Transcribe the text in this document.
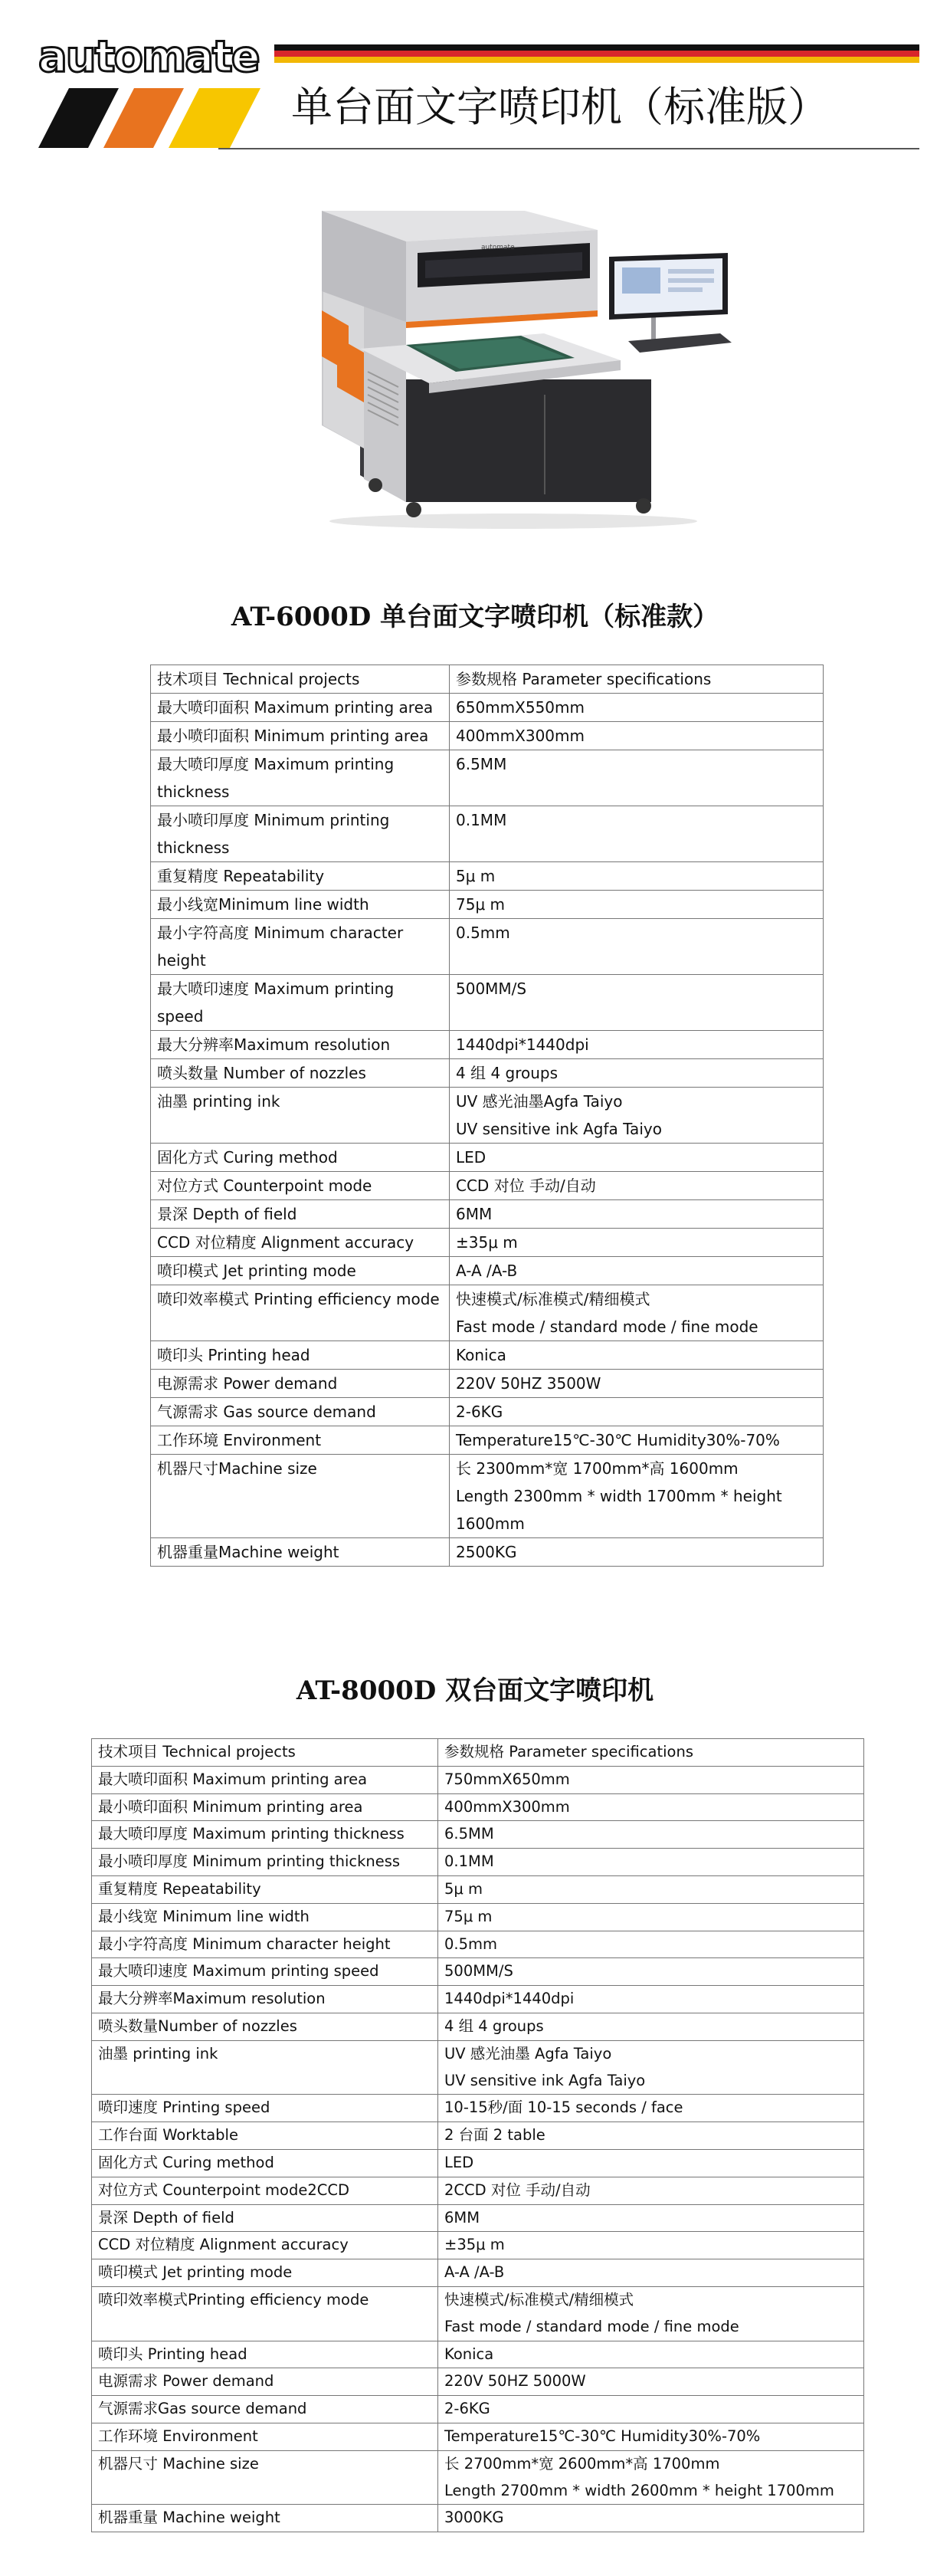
automate
单台面文字喷印机（标准版）
automate
AT-6000D 单台面文字喷印机（标准款）
技术项目 Technical projects	参数规格 Parameter specifications
最大喷印面积 Maximum printing area	650mmX550mm
最小喷印面积 Minimum printing area	400mmX300mm
最大喷印厚度 Maximum printing thickness	6.5MM
最小喷印厚度 Minimum printing thickness	0.1MM
重复精度 Repeatability	5μ m
最小线宽Minimum line width	75μ m
最小字符高度 Minimum character height	0.5mm
最大喷印速度 Maximum printing speed	500MM/S
最大分辨率Maximum resolution	1440dpi*1440dpi
喷头数量 Number of nozzles	4 组 4 groups
油墨 printing ink	UV 感光油墨Agfa Taiyo
UV sensitive ink Agfa Taiyo
固化方式 Curing method	LED
对位方式 Counterpoint mode	CCD 对位 手动/自动
景深 Depth of field	6MM
CCD 对位精度 Alignment accuracy	±35μ m
喷印模式 Jet printing mode	A-A /A-B
喷印效率模式 Printing efficiency mode	快速模式/标准模式/精细模式
Fast mode / standard mode / fine mode
喷印头 Printing head	Konica
电源需求 Power demand	220V 50HZ 3500W
气源需求 Gas source demand	2-6KG
工作环境 Environment	Temperature15℃-30℃ Humidity30%-70%
机器尺寸Machine size	长 2300mm*宽 1700mm*高 1600mm
Length 2300mm * width 1700mm * height 1600mm
机器重量Machine weight	2500KG
AT-8000D 双台面文字喷印机
技术项目 Technical projects	参数规格 Parameter specifications
最大喷印面积 Maximum printing area	750mmX650mm
最小喷印面积 Minimum printing area	400mmX300mm
最大喷印厚度 Maximum printing thickness	6.5MM
最小喷印厚度 Minimum printing thickness	0.1MM
重复精度 Repeatability	5μ m
最小线宽 Minimum line width	75μ m
最小字符高度 Minimum character height	0.5mm
最大喷印速度 Maximum printing speed	500MM/S
最大分辨率Maximum resolution	1440dpi*1440dpi
喷头数量Number of nozzles	4 组 4 groups
油墨 printing ink	UV 感光油墨 Agfa Taiyo
UV sensitive ink Agfa Taiyo
喷印速度 Printing speed	10-15秒/面 10-15 seconds / face
工作台面 Worktable	2 台面 2 table
固化方式 Curing method	LED
对位方式 Counterpoint mode2CCD	2CCD 对位 手动/自动
景深 Depth of field	6MM
CCD 对位精度 Alignment accuracy	±35μ m
喷印模式 Jet printing mode	A-A /A-B
喷印效率模式Printing efficiency mode	快速模式/标准模式/精细模式
Fast mode / standard mode / fine mode
喷印头 Printing head	Konica
电源需求 Power demand	220V 50HZ 5000W
气源需求Gas source demand	2-6KG
工作环境 Environment	Temperature15℃-30℃ Humidity30%-70%
机器尺寸 Machine size	长 2700mm*宽 2600mm*高 1700mm
Length 2700mm * width 2600mm * height 1700mm
机器重量 Machine weight	3000KG
